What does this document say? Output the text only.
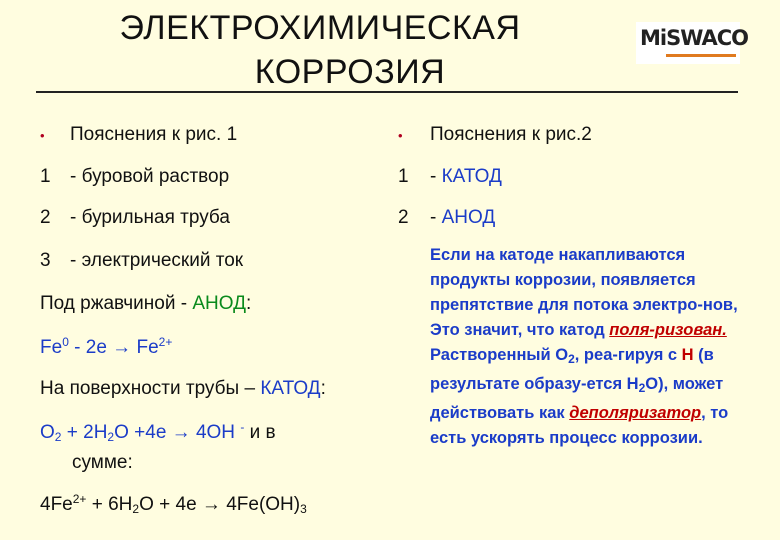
ЭЛЕКТРОХИМИЧЕСКАЯ
КОРРОЗИЯ
MiSWACO
• Пояснения к рис. 1
1 - буровой раствор
2 - бурильная труба
3 - электрический ток
Под ржавчиной - АНОД:
$Fe^0 - 2e \to Fe^{2+}$
На поверхности трубы – КАТОД:
$O_2 + 2H_2O +4e \to 4OH$ - и в
сумме:
$4Fe^{2+} + 6H_2O + 4e \to 4Fe(OH)_3$
• Пояснения к рис.2
1 - КАТОД
2 - АНОД
Если на катоде накапливаются продукты коррозии, появляется препятствие для потока электро-нов, Это значит, что катод поля-ризован. Растворенный $O_2$, реа-гируя с H (в результате образу-ется $H_2O$), может действовать как деполяризатор, то есть ускорять процесс коррозии.
